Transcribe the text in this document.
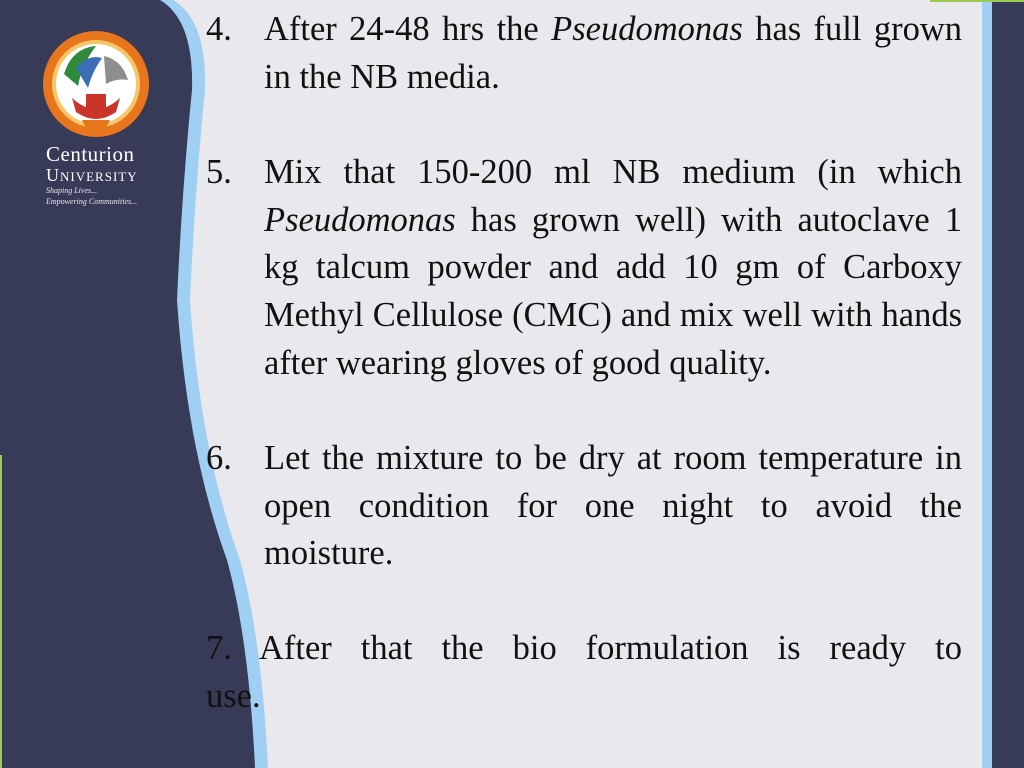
Centurion
University
Shaping Lives...
Empowering Communities...
4. After 24-48 hrs the Pseudomonas has full grown in the NB media.
5. Mix that 150-200 ml NB medium (in which Pseudomonas has grown well) with autoclave 1 kg talcum powder and add 10 gm of Carboxy Methyl Cellulose (CMC) and mix well with hands after wearing gloves of good quality.
6. Let the mixture to be dry at room temperature in open condition for one night to avoid the moisture.
7. After that the bio formulation is ready to
use.
